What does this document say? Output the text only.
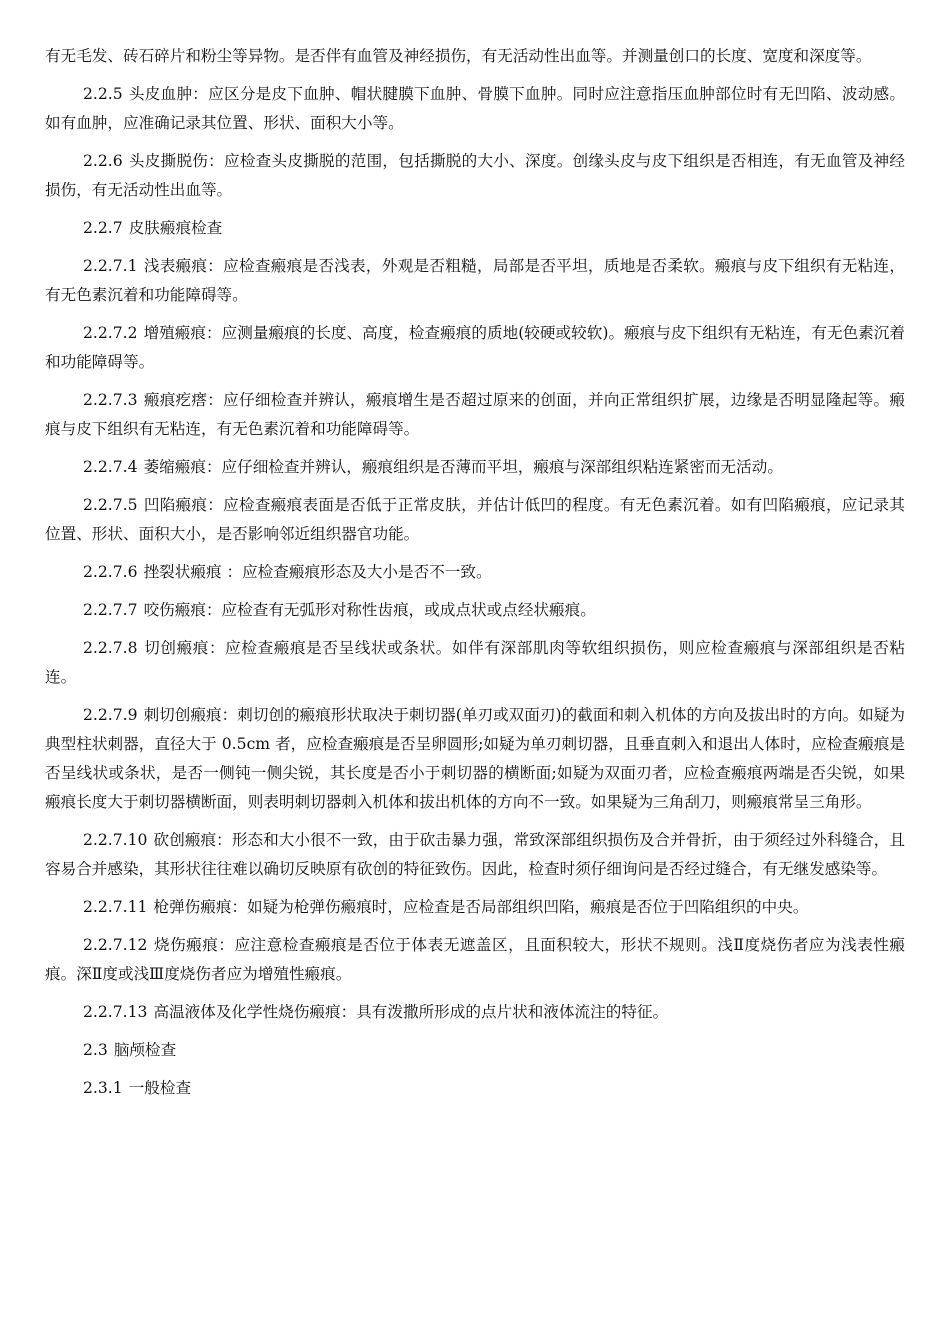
有无毛发、砖石碎片和粉尘等异物。是否伴有血管及神经损伤，有无活动性出血等。并测量创口的长度、宽度和深度等。

2.2.5 头皮血肿：应区分是皮下血肿、帽状腱膜下血肿、骨膜下血肿。同时应注意指压血肿部位时有无凹陷、波动感。如有血肿，应准确记录其位置、形状、面积大小等。

2.2.6 头皮撕脱伤：应检查头皮撕脱的范围，包括撕脱的大小、深度。创缘头皮与皮下组织是否相连，有无血管及神经损伤，有无活动性出血等。

2.2.7 皮肤瘢痕检查

2.2.7.1 浅表瘢痕：应检查瘢痕是否浅表，外观是否粗糙，局部是否平坦，质地是否柔软。瘢痕与皮下组织有无粘连，有无色素沉着和功能障碍等。

2.2.7.2 增殖瘢痕：应测量瘢痕的长度、高度，检查瘢痕的质地(较硬或较软)。瘢痕与皮下组织有无粘连，有无色素沉着和功能障碍等。

2.2.7.3 瘢痕疙瘩：应仔细检查并辨认，瘢痕增生是否超过原来的创面，并向正常组织扩展，边缘是否明显隆起等。瘢痕与皮下组织有无粘连，有无色素沉着和功能障碍等。

2.2.7.4 萎缩瘢痕：应仔细检查并辨认，瘢痕组织是否薄而平坦，瘢痕与深部组织粘连紧密而无活动。

2.2.7.5 凹陷瘢痕：应检查瘢痕表面是否低于正常皮肤，并估计低凹的程度。有无色素沉着。如有凹陷瘢痕，应记录其位置、形状、面积大小，是否影响邻近组织器官功能。

2.2.7.6 挫裂状瘢痕 ：应检查瘢痕形态及大小是否不一致。

2.2.7.7 咬伤瘢痕：应检查有无弧形对称性齿痕，或成点状或点经状瘢痕。

2.2.7.8 切创瘢痕：应检查瘢痕是否呈线状或条状。如伴有深部肌肉等软组织损伤，则应检查瘢痕与深部组织是否粘连。

2.2.7.9 刺切创瘢痕：刺切创的瘢痕形状取决于刺切器(单刃或双面刃)的截面和刺入机体的方向及拔出时的方向。如疑为典型柱状刺器，直径大于 0.5cm 者，应检查瘢痕是否呈卵圆形;如疑为单刃刺切器，且垂直刺入和退出人体时，应检查瘢痕是否呈线状或条状，是否一侧钝一侧尖锐，其长度是否小于刺切器的横断面;如疑为双面刃者，应检查瘢痕两端是否尖锐，如果瘢痕长度大于刺切器横断面，则表明刺切器刺入机体和拔出机体的方向不一致。如果疑为三角刮刀，则瘢痕常呈三角形。

2.2.7.10 砍创瘢痕：形态和大小很不一致，由于砍击暴力强，常致深部组织损伤及合并骨折，由于须经过外科缝合，且容易合并感染，其形状往往难以确切反映原有砍创的特征致伤。因此，检查时须仔细询问是否经过缝合，有无继发感染等。

2.2.7.11 枪弹伤瘢痕：如疑为枪弹伤瘢痕时，应检查是否局部组织凹陷，瘢痕是否位于凹陷组织的中央。

2.2.7.12 烧伤瘢痕：应注意检查瘢痕是否位于体表无遮盖区，且面积较大，形状不规则。浅Ⅱ度烧伤者应为浅表性瘢痕。深Ⅱ度或浅Ⅲ度烧伤者应为增殖性瘢痕。

2.2.7.13 高温液体及化学性烧伤瘢痕：具有泼撒所形成的点片状和液体流注的特征。

2.3 脑颅检查

2.3.1 一般检查
